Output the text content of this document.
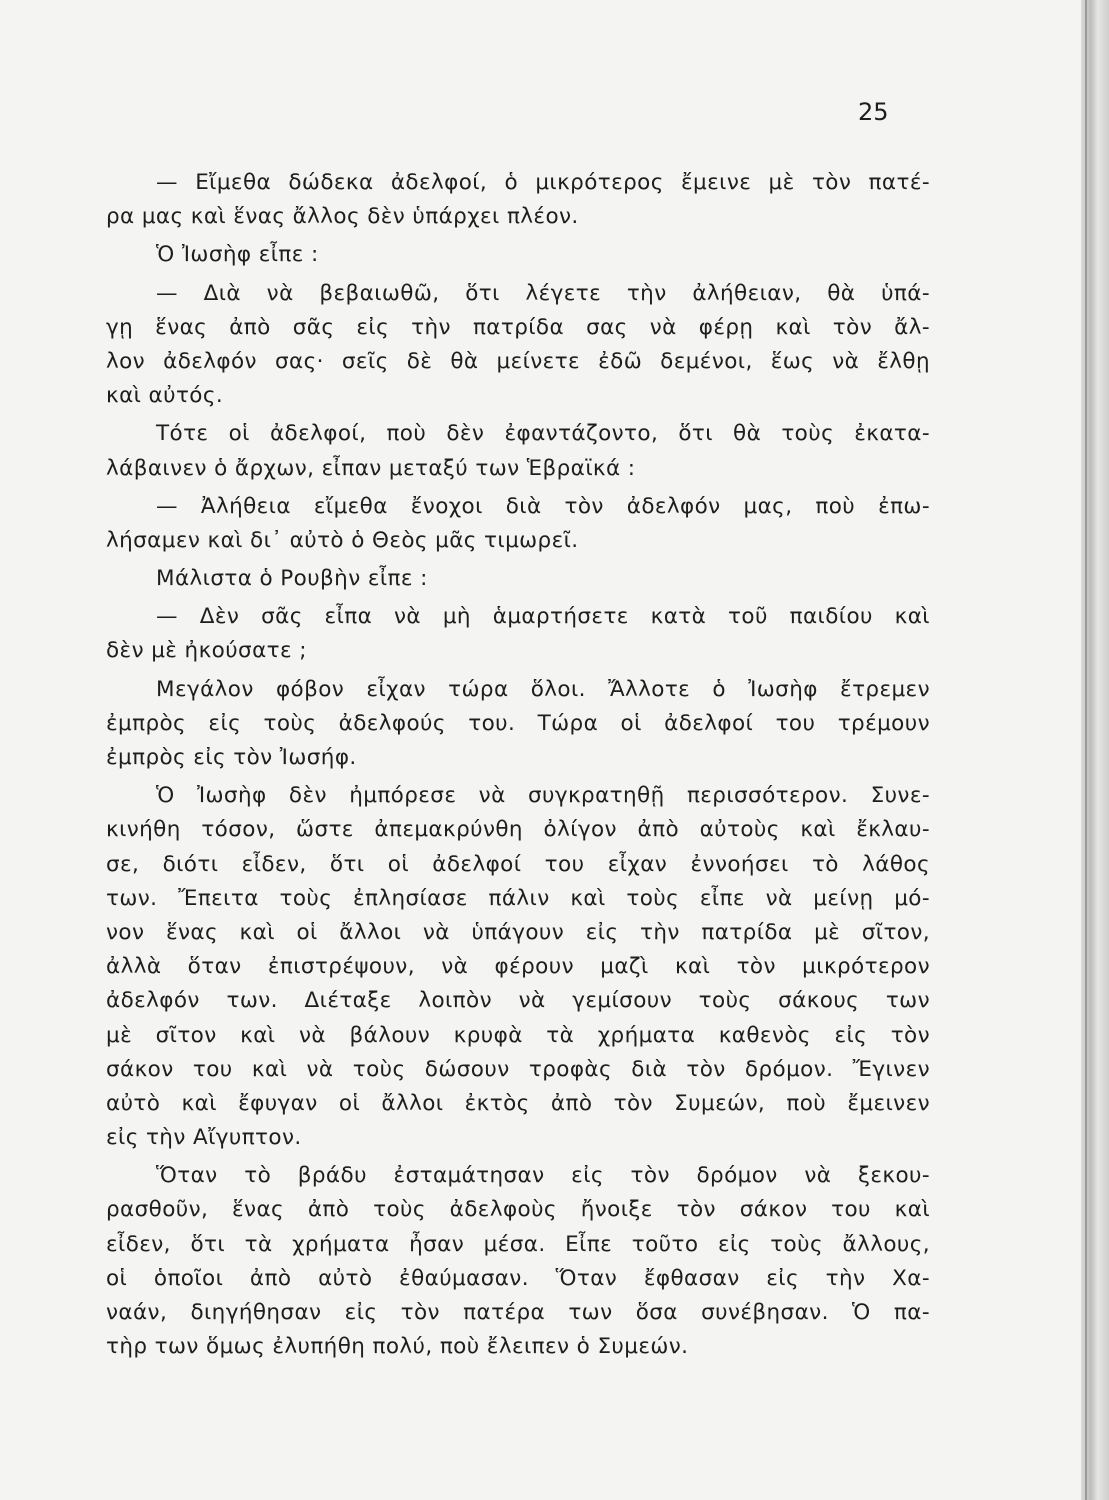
25
— Εἴμεθα δώδεκα ἀδελφοί, ὁ μικρότερος ἔμεινε μὲ τὸν πατέ-
ρα μας καὶ ἕνας ἄλλος δὲν ὑπάρχει πλέον.
Ὁ Ἰωσὴφ εἶπε :
— Διὰ νὰ βεβαιωθῶ, ὅτι λέγετε τὴν ἀλήθειαν, θὰ ὑπά-
γῃ ἕνας ἀπὸ σᾶς εἰς τὴν πατρίδα σας νὰ φέρῃ καὶ τὸν ἄλ-
λον ἀδελφόν σας· σεῖς δὲ θὰ μείνετε ἐδῶ δεμένοι, ἕως νὰ ἔλθῃ
καὶ αὐτός.
Τότε οἱ ἀδελφοί, ποὺ δὲν ἐφαντάζοντο, ὅτι θὰ τοὺς ἐκατα-
λάβαινεν ὁ ἄρχων, εἶπαν μεταξύ των Ἑβραϊκά :
— Ἀλήθεια εἴμεθα ἔνοχοι διὰ τὸν ἀδελφόν μας, ποὺ ἐπω-
λήσαμεν καὶ δι᾽ αὐτὸ ὁ Θεὸς μᾶς τιμωρεῖ.
Μάλιστα ὁ Ρουβὴν εἶπε :
— Δὲν σᾶς εἶπα νὰ μὴ ἁμαρτήσετε κατὰ τοῦ παιδίου καὶ
δὲν μὲ ἠκούσατε ;
Μεγάλον φόβον εἶχαν τώρα ὅλοι. Ἄλλοτε ὁ Ἰωσὴφ ἔτρεμεν
ἐμπρὸς εἰς τοὺς ἀδελφούς του. Τώρα οἱ ἀδελφοί του τρέμουν
ἐμπρὸς εἰς τὸν Ἰωσήφ.
Ὁ Ἰωσὴφ δὲν ἠμπόρεσε νὰ συγκρατηθῇ περισσότερον. Συνε-
κινήθη τόσον, ὥστε ἀπεμακρύνθη ὀλίγον ἀπὸ αὐτοὺς καὶ ἔκλαυ-
σε, διότι εἶδεν, ὅτι οἱ ἀδελφοί του εἶχαν ἐννοήσει τὸ λάθος
των. Ἔπειτα τοὺς ἐπλησίασε πάλιν καὶ τοὺς εἶπε νὰ μείνῃ μό-
νον ἕνας καὶ οἱ ἄλλοι νὰ ὑπάγουν εἰς τὴν πατρίδα μὲ σῖτον,
ἀλλὰ ὅταν ἐπιστρέψουν, νὰ φέρουν μαζὶ καὶ τὸν μικρότερον
ἀδελφόν των. Διέταξε λοιπὸν νὰ γεμίσουν τοὺς σάκους των
μὲ σῖτον καὶ νὰ βάλουν κρυφὰ τὰ χρήματα καθενὸς εἰς τὸν
σάκον του καὶ νὰ τοὺς δώσουν τροφὰς διὰ τὸν δρόμον. Ἔγινεν
αὐτὸ καὶ ἔφυγαν οἱ ἄλλοι ἐκτὸς ἀπὸ τὸν Συμεών, ποὺ ἔμεινεν
εἰς τὴν Αἴγυπτον.
Ὅταν τὸ βράδυ ἐσταμάτησαν εἰς τὸν δρόμον νὰ ξεκου-
ρασθοῦν, ἕνας ἀπὸ τοὺς ἀδελφοὺς ἤνοιξε τὸν σάκον του καὶ
εἶδεν, ὅτι τὰ χρήματα ἦσαν μέσα. Εἶπε τοῦτο εἰς τοὺς ἄλλους,
οἱ ὁποῖοι ἀπὸ αὐτὸ ἐθαύμασαν. Ὅταν ἔφθασαν εἰς τὴν Χα-
ναάν, διηγήθησαν εἰς τὸν πατέρα των ὅσα συνέβησαν. Ὁ πα-
τὴρ των ὅμως ἐλυπήθη πολύ, ποὺ ἔλειπεν ὁ Συμεών.
